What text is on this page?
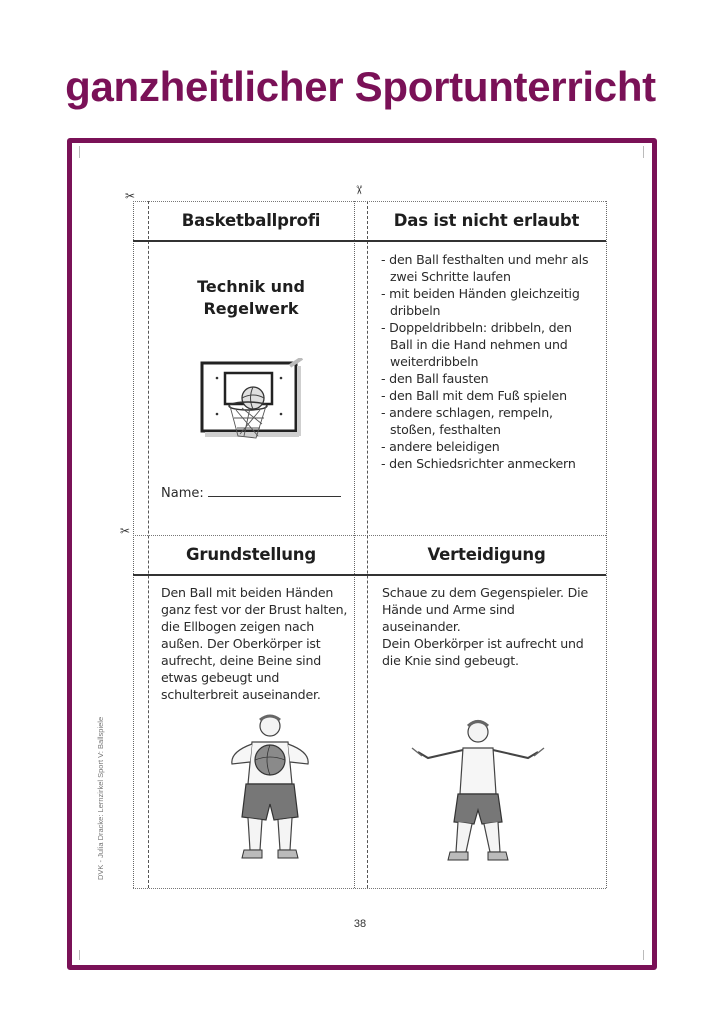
ganzheitlicher Sportunterricht
✂	✂
✂
Basketballprofi
Technik und
Regelwerk
Name:
Das ist nicht erlaubt
- den Ball festhalten und mehr als zwei Schritte laufen
- mit beiden Händen gleichzeitig dribbeln
- Doppeldribbeln: dribbeln, den Ball in die Hand nehmen und weiterdribbeln
- den Ball fausten
- den Ball mit dem Fuß spielen
- andere schlagen, rempeln, stoßen, festhalten
- andere beleidigen
- den Schiedsrichter anmeckern
Grundstellung
Den Ball mit beiden Händen ganz fest vor der Brust halten, die Ellbogen zeigen nach außen. Der Oberkörper ist aufrecht, deine Beine sind etwas gebeugt und schulterbreit auseinander.
Verteidigung
Schaue zu dem Gegenspieler. Die Hände und Arme sind auseinander.
Dein Oberkörper ist aufrecht und die Knie sind gebeugt.
DVK - Julia Dracke: Lernzirkel Sport V: Ballspiele
38
